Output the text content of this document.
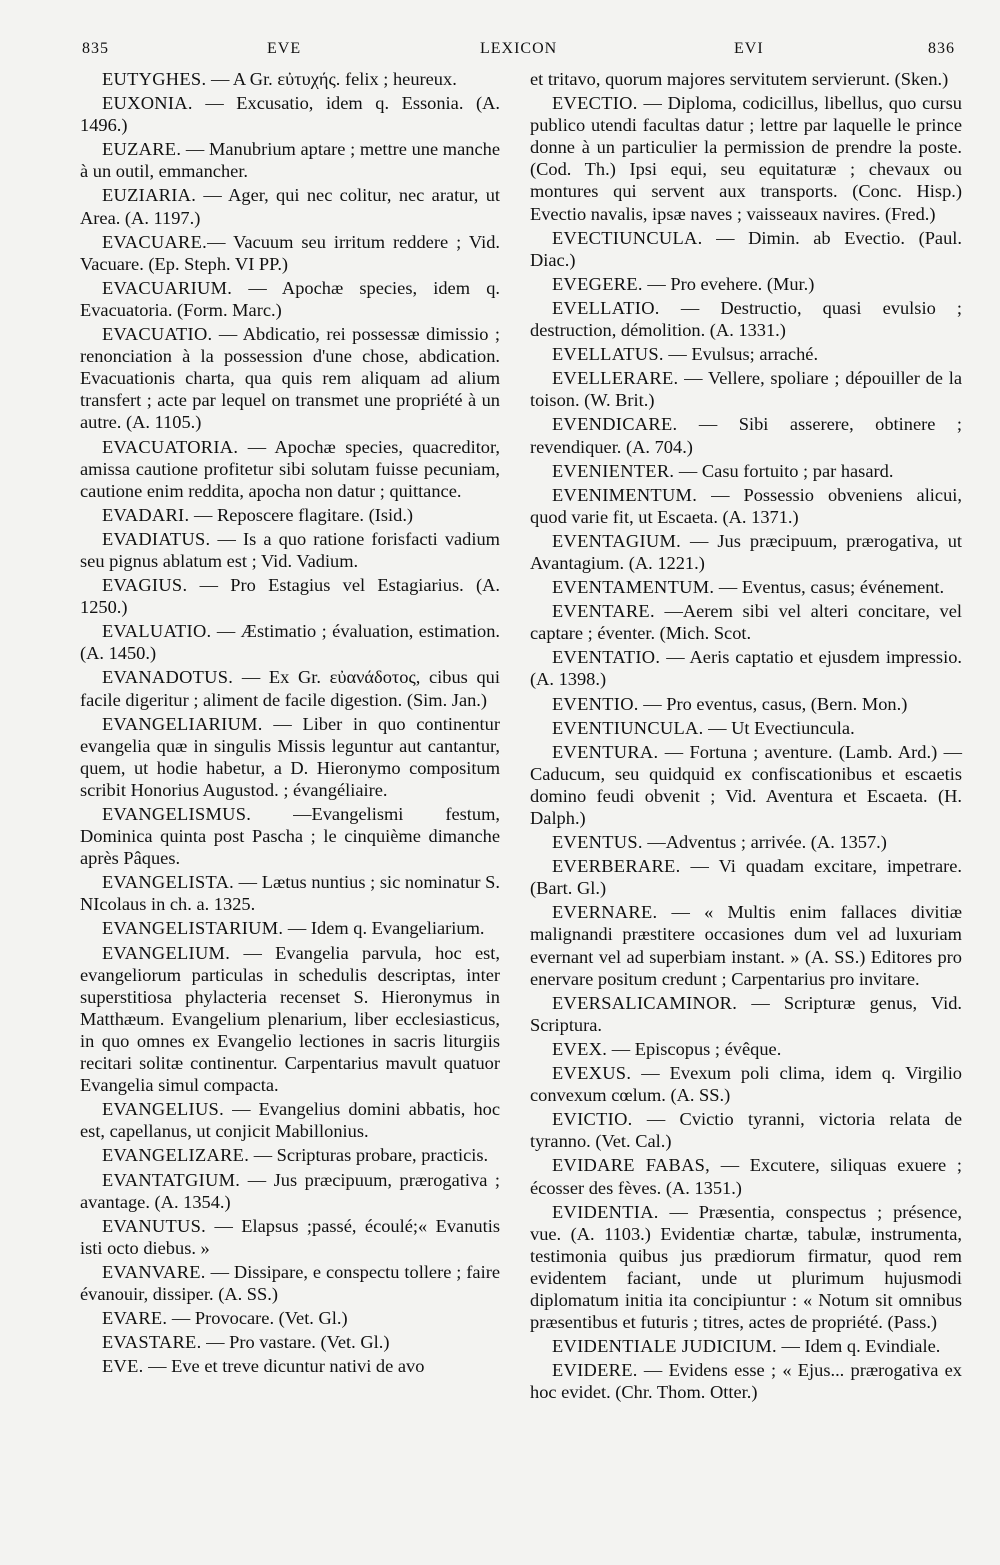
835	EVE	LEXICON	EVI	836

EUTYGHES. — A Gr. εὐτυχής. felix ; heureux.

EUXONIA. — Excusatio, idem q. Essonia. (A. 1496.)

EUZARE. — Manubrium aptare ; mettre une manche à un outil, emmancher.

EUZIARIA. — Ager, qui nec colitur, nec aratur, ut Area. (A. 1197.)

EVACUARE.— Vacuum seu irritum reddere ; Vid. Vacuare. (Ep. Steph. VI PP.)

EVACUARIUM. — Apochæ species, idem q. Evacuatoria. (Form. Marc.)

EVACUATIO. — Abdicatio, rei possessæ dimissio ; renonciation à la possession d'une chose, abdication. Evacuationis charta, qua quis rem aliquam ad alium transfert ; acte par lequel on transmet une propriété à un autre. (A. 1105.)

EVACUATORIA. — Apochæ species, quacreditor, amissa cautione profitetur sibi solutam fuisse pecuniam, cautione enim reddita, apocha non datur ; quittance.

EVADARI. — Reposcere flagitare. (Isid.)

EVADIATUS. — Is a quo ratione forisfacti vadium seu pignus ablatum est ; Vid. Vadium.

EVAGIUS. — Pro Estagius vel Estagiarius. (A. 1250.)

EVALUATIO. — Æstimatio ; évaluation, estimation. (A. 1450.)

EVANADOTUS. — Ex Gr. εὐανάδοτος, cibus qui facile digeritur ; aliment de facile digestion. (Sim. Jan.)

EVANGELIARIUM. — Liber in quo continentur evangelia quæ in singulis Missis leguntur aut cantantur, quem, ut hodie habetur, a D. Hieronymo compositum scribit Honorius Augustod. ; évangéliaire.

EVANGELISMUS. —Evangelismi festum, Dominica quinta post Pascha ; le cinquième dimanche après Pâques.

EVANGELISTA. — Lætus nuntius ; sic nominatur S. NIcolaus in ch. a. 1325.

EVANGELISTARIUM. — Idem q. Evangeliarium.

EVANGELIUM. — Evangelia parvula, hoc est, evangeliorum particulas in schedulis descriptas, inter superstitiosa phylacteria recenset S. Hieronymus in Matthæum. Evangelium plenarium, liber ecclesiasticus, in quo omnes ex Evangelio lectiones in sacris liturgiis recitari solitæ continentur. Carpentarius mavult quatuor Evangelia simul compacta.

EVANGELIUS. — Evangelius domini abbatis, hoc est, capellanus, ut conjicit Mabillonius.

EVANGELIZARE. — Scripturas probare, practicis.

EVANTATGIUM. — Jus præcipuum, prærogativa ; avantage. (A. 1354.)

EVANUTUS. — Elapsus ;passé, écoulé;« Evanutis isti octo diebus. »

EVANVARE. — Dissipare, e conspectu tollere ; faire évanouir, dissiper. (A. SS.)

EVARE. — Provocare. (Vet. Gl.)

EVASTARE. — Pro vastare. (Vet. Gl.)

EVE. — Eve et treve dicuntur nativi de avo

et tritavo, quorum majores servitutem servierunt. (Sken.)

EVECTIO. — Diploma, codicillus, libellus, quo cursu publico utendi facultas datur ; lettre par laquelle le prince donne à un particulier la permission de prendre la poste. (Cod. Th.) Ipsi equi, seu equitaturæ ; chevaux ou montures qui servent aux transports. (Conc. Hisp.) Evectio navalis, ipsæ naves ; vaisseaux navires. (Fred.)

EVECTIUNCULA. — Dimin. ab Evectio. (Paul. Diac.)

EVEGERE. — Pro evehere. (Mur.)

EVELLATIO. — Destructio, quasi evulsio ; destruction, démolition. (A. 1331.)

EVELLATUS. — Evulsus; arraché.

EVELLERARE. — Vellere, spoliare ; dépouiller de la toison. (W. Brit.)

EVENDICARE. — Sibi asserere, obtinere ; revendiquer. (A. 704.)

EVENIENTER. — Casu fortuito ; par hasard.

EVENIMENTUM. — Possessio obveniens alicui, quod varie fit, ut Escaeta. (A. 1371.)

EVENTAGIUM. — Jus præcipuum, prærogativa, ut Avantagium. (A. 1221.)

EVENTAMENTUM. — Eventus, casus; événement.

EVENTARE. —Aerem sibi vel alteri concitare, vel captare ; éventer. (Mich. Scot.

EVENTATIO. — Aeris captatio et ejusdem impressio. (A. 1398.)

EVENTIO. — Pro eventus, casus, (Bern. Mon.)

EVENTIUNCULA. — Ut Evectiuncula.

EVENTURA. — Fortuna ; aventure. (Lamb. Ard.) — Caducum, seu quidquid ex confiscationibus et escaetis domino feudi obvenit ; Vid. Aventura et Escaeta. (H. Dalph.)

EVENTUS. —Adventus ; arrivée. (A. 1357.)

EVERBERARE. — Vi quadam excitare, impetrare. (Bart. Gl.)

EVERNARE. — « Multis enim fallaces divitiæ malignandi præstitere occasiones dum vel ad luxuriam evernant vel ad superbiam instant. » (A. SS.) Editores pro enervare positum credunt ; Carpentarius pro invitare.

EVERSALICAMINOR. — Scripturæ genus, Vid. Scriptura.

EVEX. — Episcopus ; évêque.

EVEXUS. — Evexum poli clima, idem q. Virgilio convexum cœlum. (A. SS.)

EVICTIO. — Cvictio tyranni, victoria relata de tyranno. (Vet. Cal.)

EVIDARE FABAS, — Excutere, siliquas exuere ; écosser des fèves. (A. 1351.)

EVIDENTIA. — Præsentia, conspectus ; présence, vue. (A. 1103.) Evidentiæ chartæ, tabulæ, instrumenta, testimonia quibus jus prædiorum firmatur, quod rem evidentem faciant, unde ut plurimum hujusmodi diplomatum initia ita concipiuntur : « Notum sit omnibus præsentibus et futuris ; titres, actes de propriété. (Pass.)

EVIDENTIALE JUDICIUM. — Idem q. Evindiale.

EVIDERE. — Evidens esse ; « Ejus... prærogativa ex hoc evidet. (Chr. Thom. Otter.)
